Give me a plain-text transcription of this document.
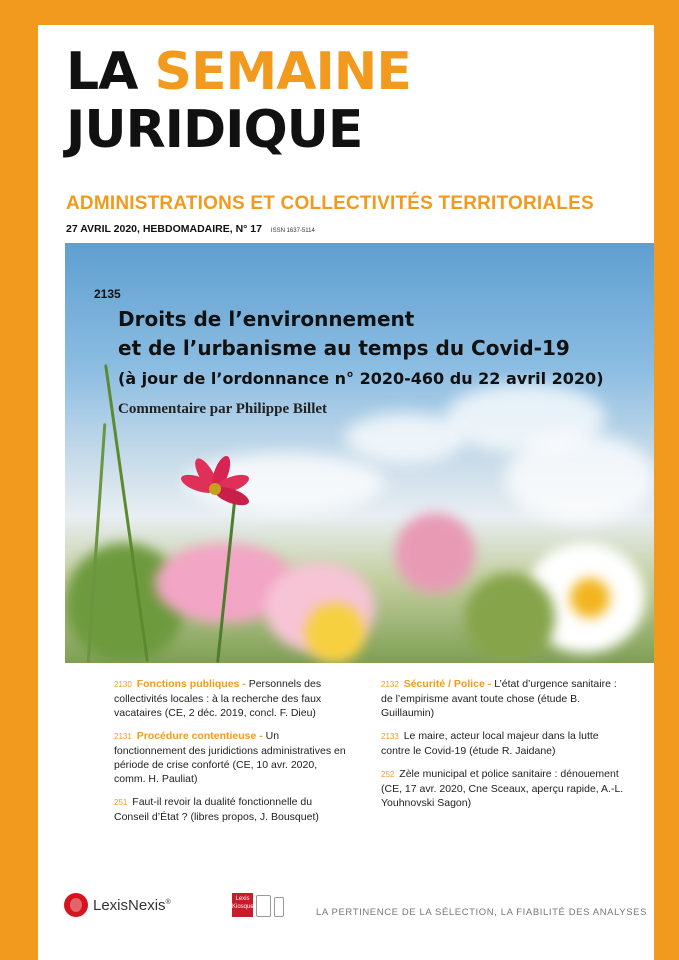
LA SEMAINE
JURIDIQUE
ADMINISTRATIONS ET COLLECTIVITÉS TERRITORIALES
27 AVRIL 2020, HEBDOMADAIRE, N° 17 ISSN 1637-5114
2135
Droits de l’environnement
et de l’urbanisme au temps du Covid-19
(à jour de l’ordonnance n° 2020-460 du 22 avril 2020)
Commentaire par Philippe Billet
2130 Fonctions publiques - Personnels des collectivités locales : à la recherche des faux vacataires (CE, 2 déc. 2019, concl. F. Dieu)
2131 Procédure contentieuse - Un fonctionnement des juridictions administratives en période de crise conforté (CE, 10 avr. 2020, comm. H. Pauliat)
251 Faut-il revoir la dualité fonctionnelle du Conseil d’État ? (libres propos, J. Bousquet)
2132 Sécurité / Police - L’état d’urgence sanitaire : de l’empirisme avant toute chose (étude B. Guillaumin)
2133 Le maire, acteur local majeur dans la lutte contre le Covid-19 (étude R. Jaidane)
252 Zèle municipal et police sanitaire : dénouement (CE, 17 avr. 2020, Cne Sceaux, aperçu rapide, A.-L. Youhnovski Sagon)
LexisNexis®	Lexis
Kiosque	LA PERTINENCE DE LA SÉLECTION, LA FIABILITÉ DES ANALYSES
